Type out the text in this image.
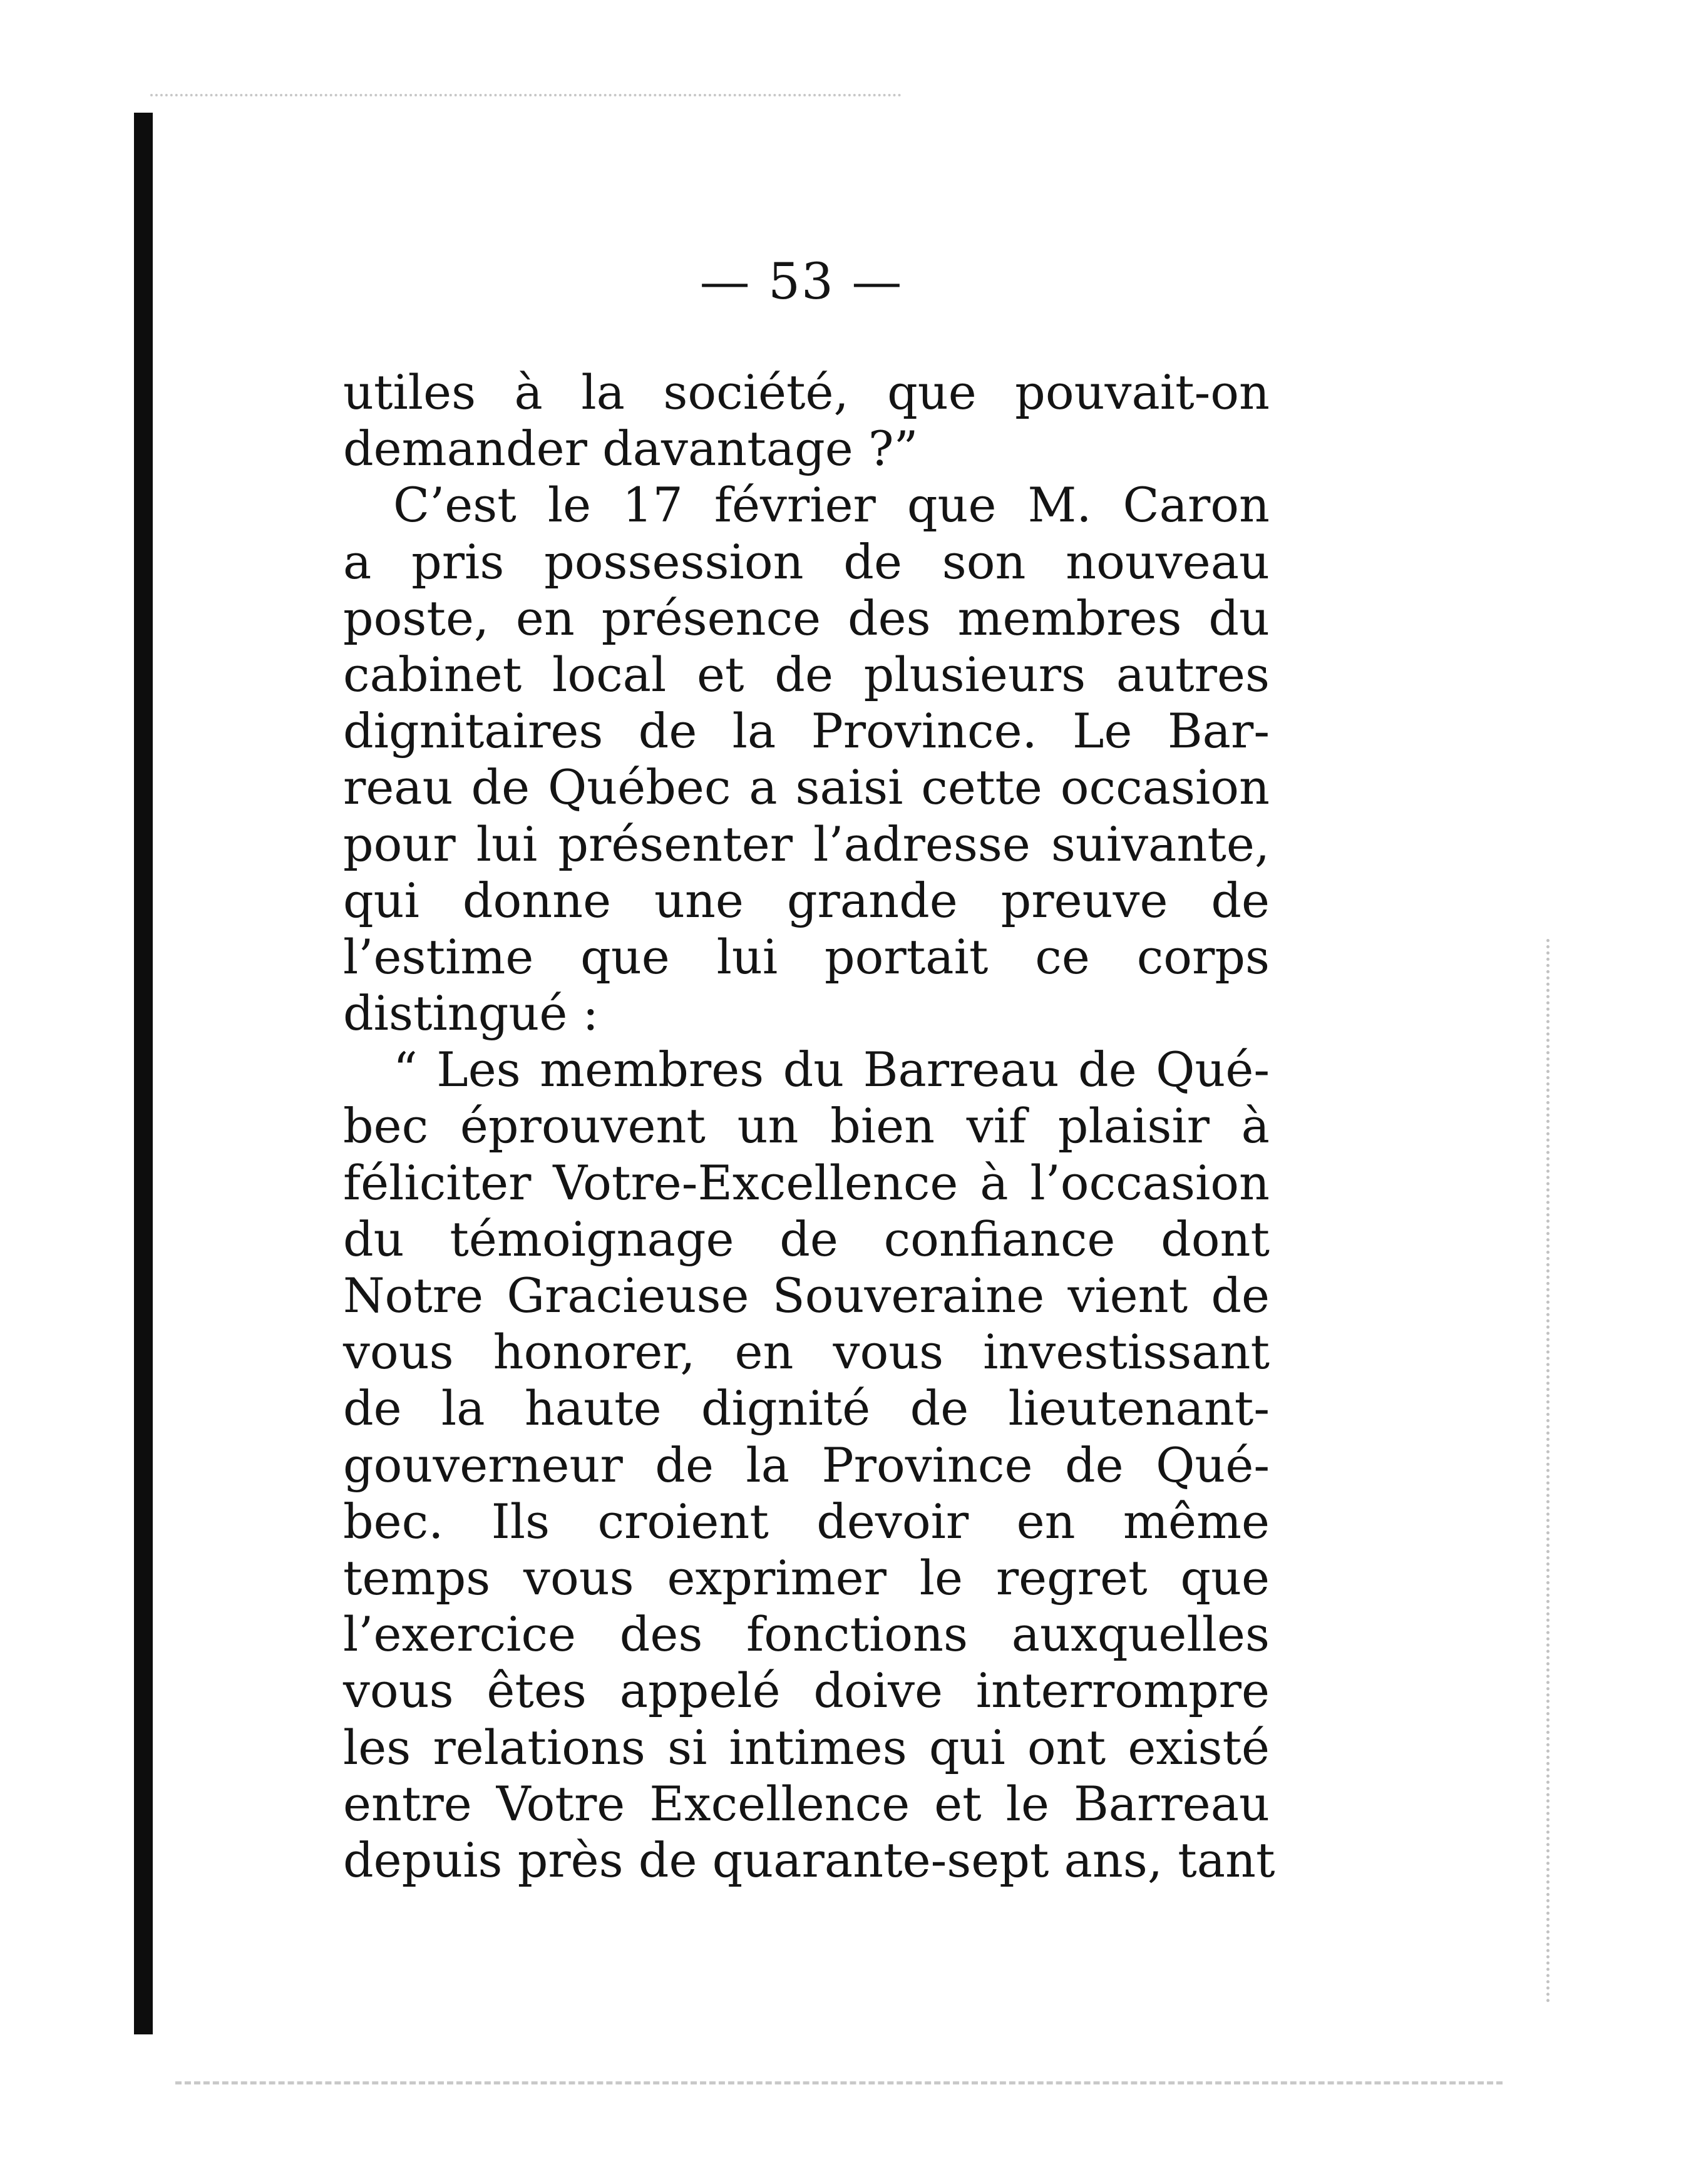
— 53 —
utiles à la société, que pouvait-on
demander davantage ?”
C’est le 17 février que M. Caron
a pris possession de son nouveau
poste, en présence des membres du
cabinet local et de plusieurs autres
dignitaires de la Province. Le Bar-
reau de Québec a saisi cette occasion
pour lui présenter l’adresse suivante,
qui donne une grande preuve de
l’estime que lui portait ce corps
distingué :
“ Les membres du Barreau de Qué-
bec éprouvent un bien vif plaisir à
féliciter Votre-Excellence à l’occasion
du témoignage de confiance dont
Notre Gracieuse Souveraine vient de
vous honorer, en vous investissant
de la haute dignité de lieutenant-
gouverneur de la Province de Qué-
bec. Ils croient devoir en même
temps vous exprimer le regret que
l’exercice des fonctions auxquelles
vous êtes appelé doive interrompre
les relations si intimes qui ont existé
entre Votre Excellence et le Barreau
depuis près de quarante-sept ans, tant
